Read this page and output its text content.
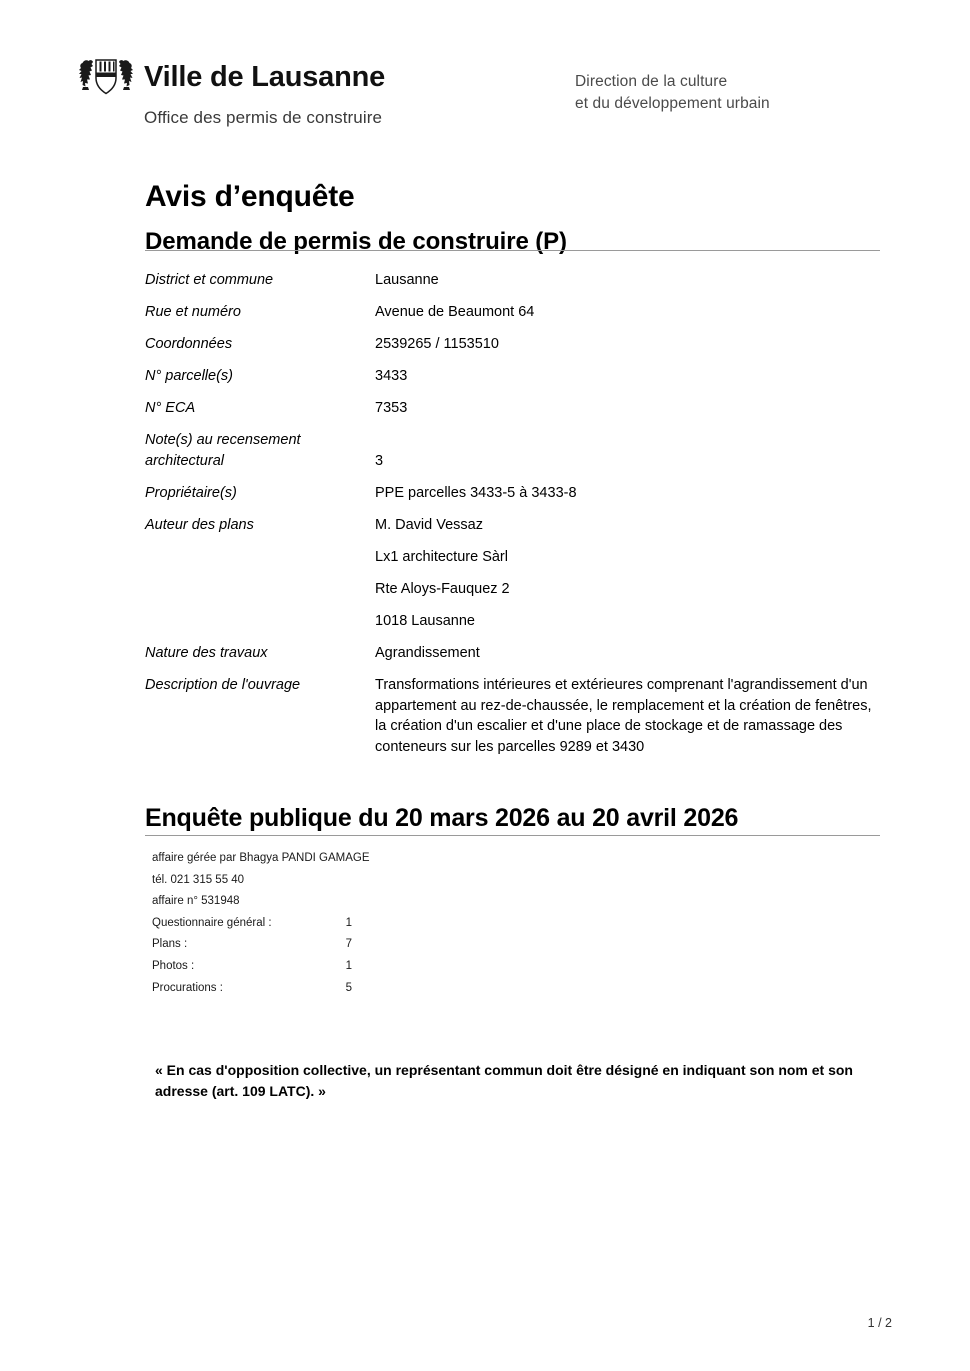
Ville de Lausanne
Office des permis de construire
Direction de la culture
et du développement urbain
Avis d’enquête
Demande de permis de construire (P)
District et commune	Lausanne
Rue et numéro	Avenue de Beaumont 64
Coordonnées	2539265 / 1153510
N° parcelle(s)	3433
N° ECA	7353
Note(s) au recensement architectural	3
Propriétaire(s)	PPE parcelles 3433-5 à 3433-8
Auteur des plans	M. David Vessaz
Lx1 architecture Sàrl
Rte Aloys-Fauquez 2
1018 Lausanne
Nature des travaux	Agrandissement
Description de l'ouvrage	Transformations intérieures et extérieures comprenant l'agrandissement d'un appartement au rez-de-chaussée, le remplacement et la création de fenêtres, la création d'un escalier et d'une place de stockage et de ramassage des conteneurs sur les parcelles 9289 et 3430
Enquête publique du 20 mars 2026 au 20 avril 2026
affaire gérée par Bhagya PANDI GAMAGE
tél. 021 315 55 40
affaire n° 531948
Questionnaire général :	1
Plans :	7
Photos :	1
Procurations :	5

« En cas d'opposition collective, un représentant commun doit être désigné en indiquant son nom et son adresse (art. 109 LATC). »

1 / 2
